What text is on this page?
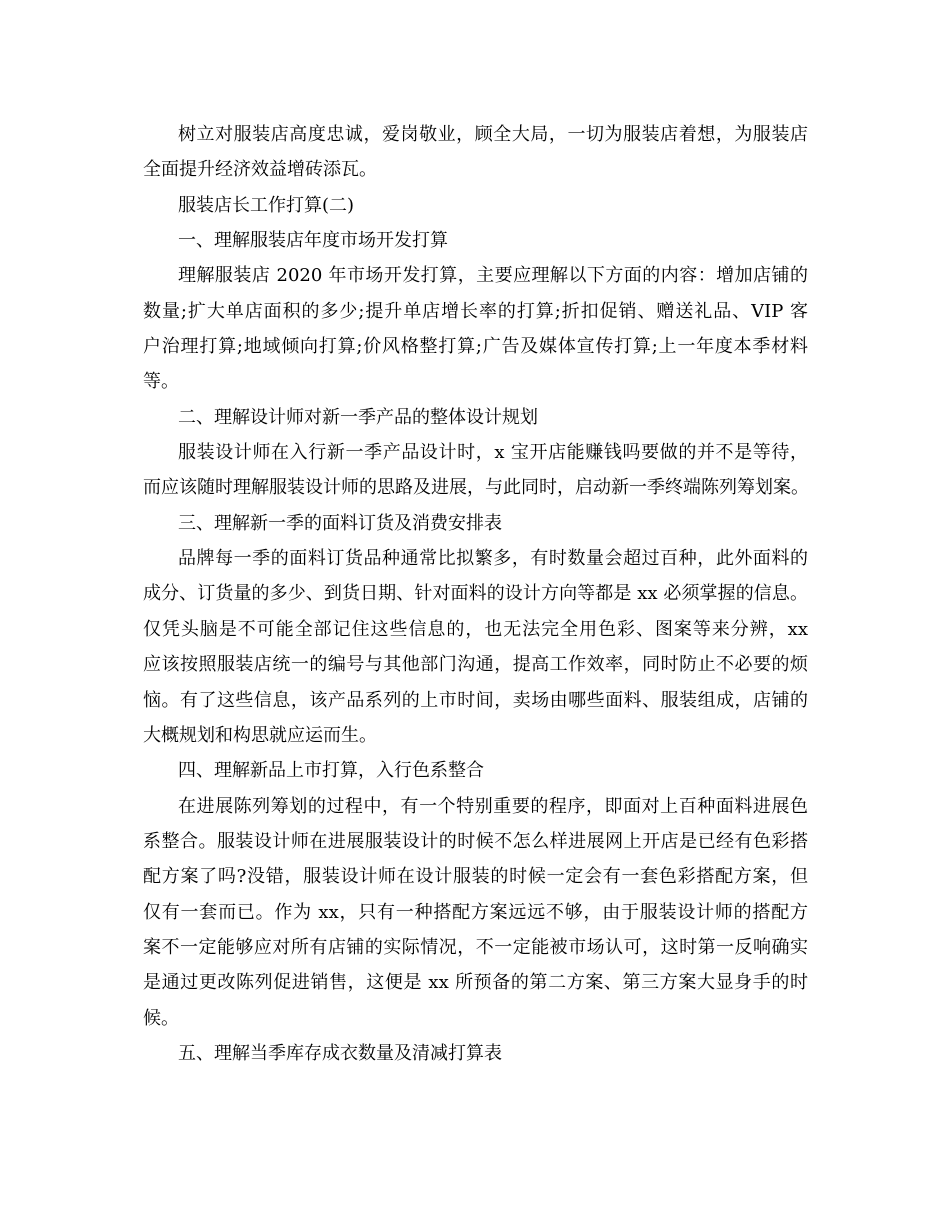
树立对服装店高度忠诚，爱岗敬业，顾全大局，一切为服装店着想，为服装店
全面提升经济效益增砖添瓦。
服装店长工作打算(二)
一、理解服装店年度市场开发打算
理解服装店 2020 年市场开发打算，主要应理解以下方面的内容：增加店铺的
数量;扩大单店面积的多少;提升单店增长率的打算;折扣促销、赠送礼品、VIP 客
户治理打算;地域倾向打算;价风格整打算;广告及媒体宣传打算;上一年度本季材料
等。
二、理解设计师对新一季产品的整体设计规划
服装设计师在入行新一季产品设计时，x 宝开店能赚钱吗要做的并不是等待，
而应该随时理解服装设计师的思路及进展，与此同时，启动新一季终端陈列筹划案。
三、理解新一季的面料订货及消费安排表
品牌每一季的面料订货品种通常比拟繁多，有时数量会超过百种，此外面料的
成分、订货量的多少、到货日期、针对面料的设计方向等都是 xx 必须掌握的信息。
仅凭头脑是不可能全部记住这些信息的，也无法完全用色彩、图案等来分辨，xx
应该按照服装店统一的编号与其他部门沟通，提高工作效率，同时防止不必要的烦
恼。有了这些信息，该产品系列的上市时间，卖场由哪些面料、服装组成，店铺的
大概规划和构思就应运而生。
四、理解新品上市打算，入行色系整合
在进展陈列筹划的过程中，有一个特别重要的程序，即面对上百种面料进展色
系整合。服装设计师在进展服装设计的时候不怎么样进展网上开店是已经有色彩搭
配方案了吗?没错，服装设计师在设计服装的时候一定会有一套色彩搭配方案，但
仅有一套而已。作为 xx，只有一种搭配方案远远不够，由于服装设计师的搭配方
案不一定能够应对所有店铺的实际情况，不一定能被市场认可，这时第一反响确实
是通过更改陈列促进销售，这便是 xx 所预备的第二方案、第三方案大显身手的时
候。
五、理解当季库存成衣数量及清减打算表
